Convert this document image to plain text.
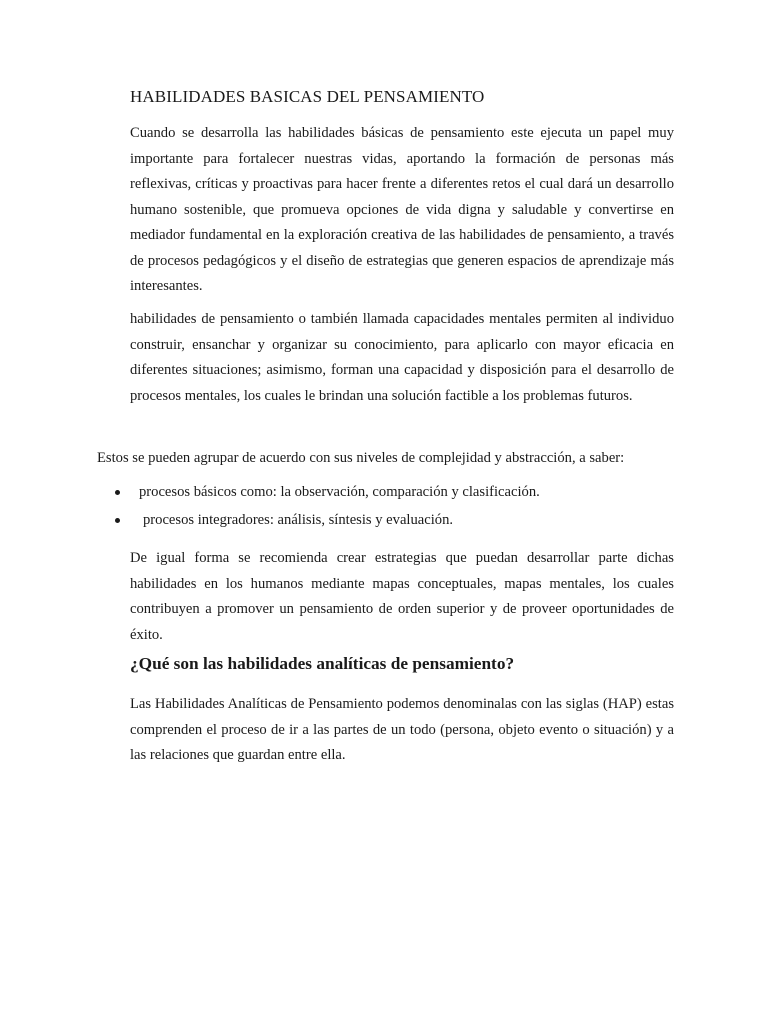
HABILIDADES BASICAS DEL PENSAMIENTO

Cuando se desarrolla las habilidades básicas de pensamiento este ejecuta un papel muy importante para fortalecer nuestras vidas, aportando la formación de personas más reflexivas, críticas y proactivas para hacer frente a diferentes retos el cual dará un desarrollo humano sostenible, que promueva opciones de vida digna y saludable y convertirse en mediador fundamental en la exploración creativa de las habilidades de pensamiento, a través de procesos pedagógicos y el diseño de estrategias que generen espacios de aprendizaje más interesantes.

habilidades de pensamiento o también llamada capacidades mentales permiten al individuo construir, ensanchar y organizar su conocimiento, para aplicarlo con mayor eficacia en diferentes situaciones; asimismo, forman una capacidad y disposición para el desarrollo de procesos mentales, los cuales le brindan una solución factible a los problemas futuros.

Estos se pueden agrupar de acuerdo con sus niveles de complejidad y abstracción, a saber:

procesos básicos como: la observación, comparación y clasificación.
procesos integradores: análisis, síntesis y evaluación.

De igual forma se recomienda crear estrategias que puedan desarrollar parte dichas habilidades en los humanos mediante mapas conceptuales, mapas mentales, los cuales contribuyen a promover un pensamiento de orden superior y de proveer oportunidades de éxito.

¿Qué son las habilidades analíticas de pensamiento?

Las Habilidades Analíticas de Pensamiento podemos denominalas con las siglas (HAP) estas comprenden el proceso de ir a las partes de un todo (persona, objeto evento o situación) y a las relaciones que guardan entre ella.
